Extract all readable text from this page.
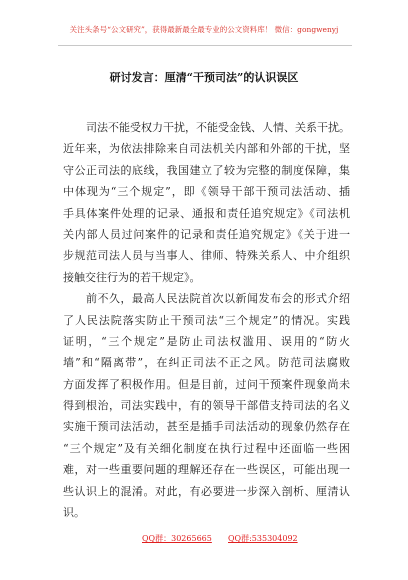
关注头条号“公文研究”，获得最新最全最专业的公文资料库！ 微信：gongwenyj
研讨发言：厘清“干预司法”的认识误区
司法不能受权力干扰，不能受金钱、人情、关系干扰。
近年来，为依法排除来自司法机关内部和外部的干扰，坚
守公正司法的底线，我国建立了较为完整的制度保障，集
中体现为“三个规定”，即《领导干部干预司法活动、插
手具体案件处理的记录、通报和责任追究规定》《司法机
关内部人员过问案件的记录和责任追究规定》《关于进一
步规范司法人员与当事人、律师、特殊关系人、中介组织
接触交往行为的若干规定》。
前不久，最高人民法院首次以新闻发布会的形式介绍
了人民法院落实防止干预司法“三个规定”的情况。实践
证明，“三个规定”是防止司法权滥用、误用的“防火
墙”和“隔离带”，在纠正司法不正之风。防范司法腐败
方面发挥了积极作用。但是目前，过问干预案件现象尚未
得到根治，司法实践中，有的领导干部借支持司法的名义
实施干预司法活动，甚至是插手司法活动的现象仍然存在
“三个规定”及有关细化制度在执行过程中还面临一些困
难，对一些重要问题的理解还存在一些误区，可能出现一
些认识上的混淆。对此，有必要进一步深入剖析、厘清认
识。
QQ群：30265665 QQ群:535304092
